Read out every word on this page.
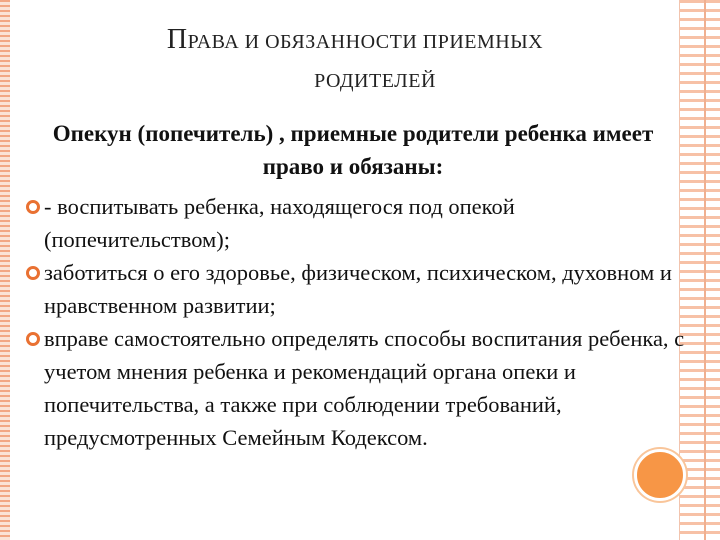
ПРАВА И ОБЯЗАННОСТИ ПРИЕМНЫХ
РОДИТЕЛЕЙ
Опекун (попечитель) , приемные родители ребенка имеет право и обязаны:
- воспитывать ребенка, находящегося под опекой (попечительством);
заботиться о его здоровье, физическом, психическом, духовном и нравственном развитии;
вправе самостоятельно определять способы воспитания ребенка, с учетом мнения ребенка и рекомендаций органа опеки и попечительства, а также при соблюдении требований, предусмотренных Семейным Кодексом.
